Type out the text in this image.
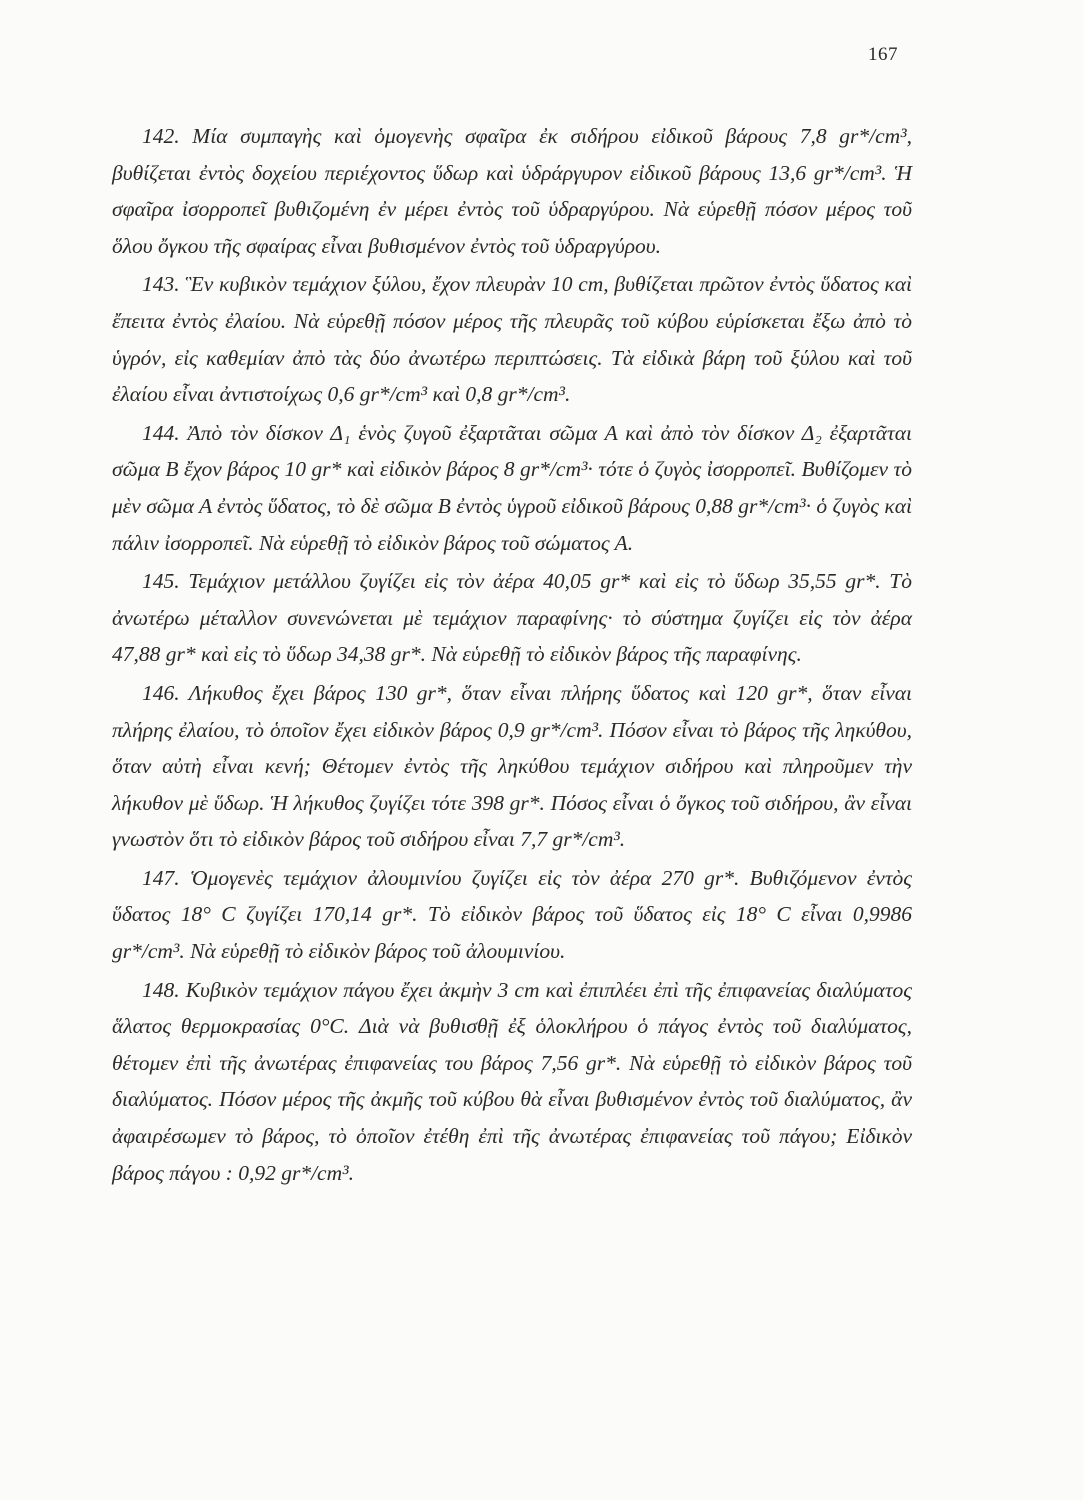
167

142. Μία συμπαγὴς καὶ ὁμογενὴς σφαῖρα ἐκ σιδήρου εἰδικοῦ βάρους 7,8 gr*/cm³, βυθίζεται ἐντὸς δοχείου περιέχοντος ὕδωρ καὶ ὑδράργυρον εἰδικοῦ βάρους 13,6 gr*/cm³. Ἡ σφαῖρα ἰσορροπεῖ βυθιζομένη ἐν μέρει ἐντὸς τοῦ ὑδραργύρου. Νὰ εὑρεθῇ πόσον μέρος τοῦ ὅλου ὄγκου τῆς σφαίρας εἶναι βυθισμένον ἐντὸς τοῦ ὑδραργύρου.

143. Ἓν κυβικὸν τεμάχιον ξύλου, ἔχον πλευρὰν 10 cm, βυθίζεται πρῶτον ἐντὸς ὕδατος καὶ ἔπειτα ἐντὸς ἐλαίου. Νὰ εὑρεθῇ πόσον μέρος τῆς πλευρᾶς τοῦ κύβου εὑρίσκεται ἔξω ἀπὸ τὸ ὑγρόν, εἰς καθεμίαν ἀπὸ τὰς δύο ἀνωτέρω περιπτώσεις. Τὰ εἰδικὰ βάρη τοῦ ξύλου καὶ τοῦ ἐλαίου εἶναι ἀντιστοίχως 0,6 gr*/cm³ καὶ 0,8 gr*/cm³.

144. Ἀπὸ τὸν δίσκον Δ₁ ἑνὸς ζυγοῦ ἐξαρτᾶται σῶμα Α καὶ ἀπὸ τὸν δίσκον Δ₂ ἐξαρτᾶται σῶμα Β ἔχον βάρος 10 gr* καὶ εἰδικὸν βάρος 8 gr*/cm³· τότε ὁ ζυγὸς ἰσορροπεῖ. Βυθίζομεν τὸ μὲν σῶμα Α ἐντὸς ὕδατος, τὸ δὲ σῶμα Β ἐντὸς ὑγροῦ εἰδικοῦ βάρους 0,88 gr*/cm³· ὁ ζυγὸς καὶ πάλιν ἰσορροπεῖ. Νὰ εὑρεθῇ τὸ εἰδικὸν βάρος τοῦ σώματος Α.

145. Τεμάχιον μετάλλου ζυγίζει εἰς τὸν ἀέρα 40,05 gr* καὶ εἰς τὸ ὕδωρ 35,55 gr*. Τὸ ἀνωτέρω μέταλλον συνενώνεται μὲ τεμάχιον παραφίνης· τὸ σύστημα ζυγίζει εἰς τὸν ἀέρα 47,88 gr* καὶ εἰς τὸ ὕδωρ 34,38 gr*. Νὰ εὑρεθῇ τὸ εἰδικὸν βάρος τῆς παραφίνης.

146. Λήκυθος ἔχει βάρος 130 gr*, ὅταν εἶναι πλήρης ὕδατος καὶ 120 gr*, ὅταν εἶναι πλήρης ἐλαίου, τὸ ὁποῖον ἔχει εἰδικὸν βάρος 0,9 gr*/cm³. Πόσον εἶναι τὸ βάρος τῆς ληκύθου, ὅταν αὐτὴ εἶναι κενή; Θέτομεν ἐντὸς τῆς ληκύθου τεμάχιον σιδήρου καὶ πληροῦμεν τὴν λήκυθον μὲ ὕδωρ. Ἡ λήκυθος ζυγίζει τότε 398 gr*. Πόσος εἶναι ὁ ὄγκος τοῦ σιδήρου, ἂν εἶναι γνωστὸν ὅτι τὸ εἰδικὸν βάρος τοῦ σιδήρου εἶναι 7,7 gr*/cm³.

147. Ὁμογενὲς τεμάχιον ἀλουμινίου ζυγίζει εἰς τὸν ἀέρα 270 gr*. Βυθιζόμενον ἐντὸς ὕδατος 18° C ζυγίζει 170,14 gr*. Τὸ εἰδικὸν βάρος τοῦ ὕδατος εἰς 18° C εἶναι 0,9986 gr*/cm³. Νὰ εὑρεθῇ τὸ εἰδικὸν βάρος τοῦ ἀλουμινίου.

148. Κυβικὸν τεμάχιον πάγου ἔχει ἀκμὴν 3 cm καὶ ἐπιπλέει ἐπὶ τῆς ἐπιφανείας διαλύματος ἅλατος θερμοκρασίας 0°C. Διὰ νὰ βυθισθῇ ἐξ ὁλοκλήρου ὁ πάγος ἐντὸς τοῦ διαλύματος, θέτομεν ἐπὶ τῆς ἀνωτέρας ἐπιφανείας του βάρος 7,56 gr*. Νὰ εὑρεθῇ τὸ εἰδικὸν βάρος τοῦ διαλύματος. Πόσον μέρος τῆς ἀκμῆς τοῦ κύβου θὰ εἶναι βυθισμένον ἐντὸς τοῦ διαλύματος, ἂν ἀφαιρέσωμεν τὸ βάρος, τὸ ὁποῖον ἐτέθη ἐπὶ τῆς ἀνωτέρας ἐπιφανείας τοῦ πάγου; Εἰδικὸν βάρος πάγου : 0,92 gr*/cm³.
